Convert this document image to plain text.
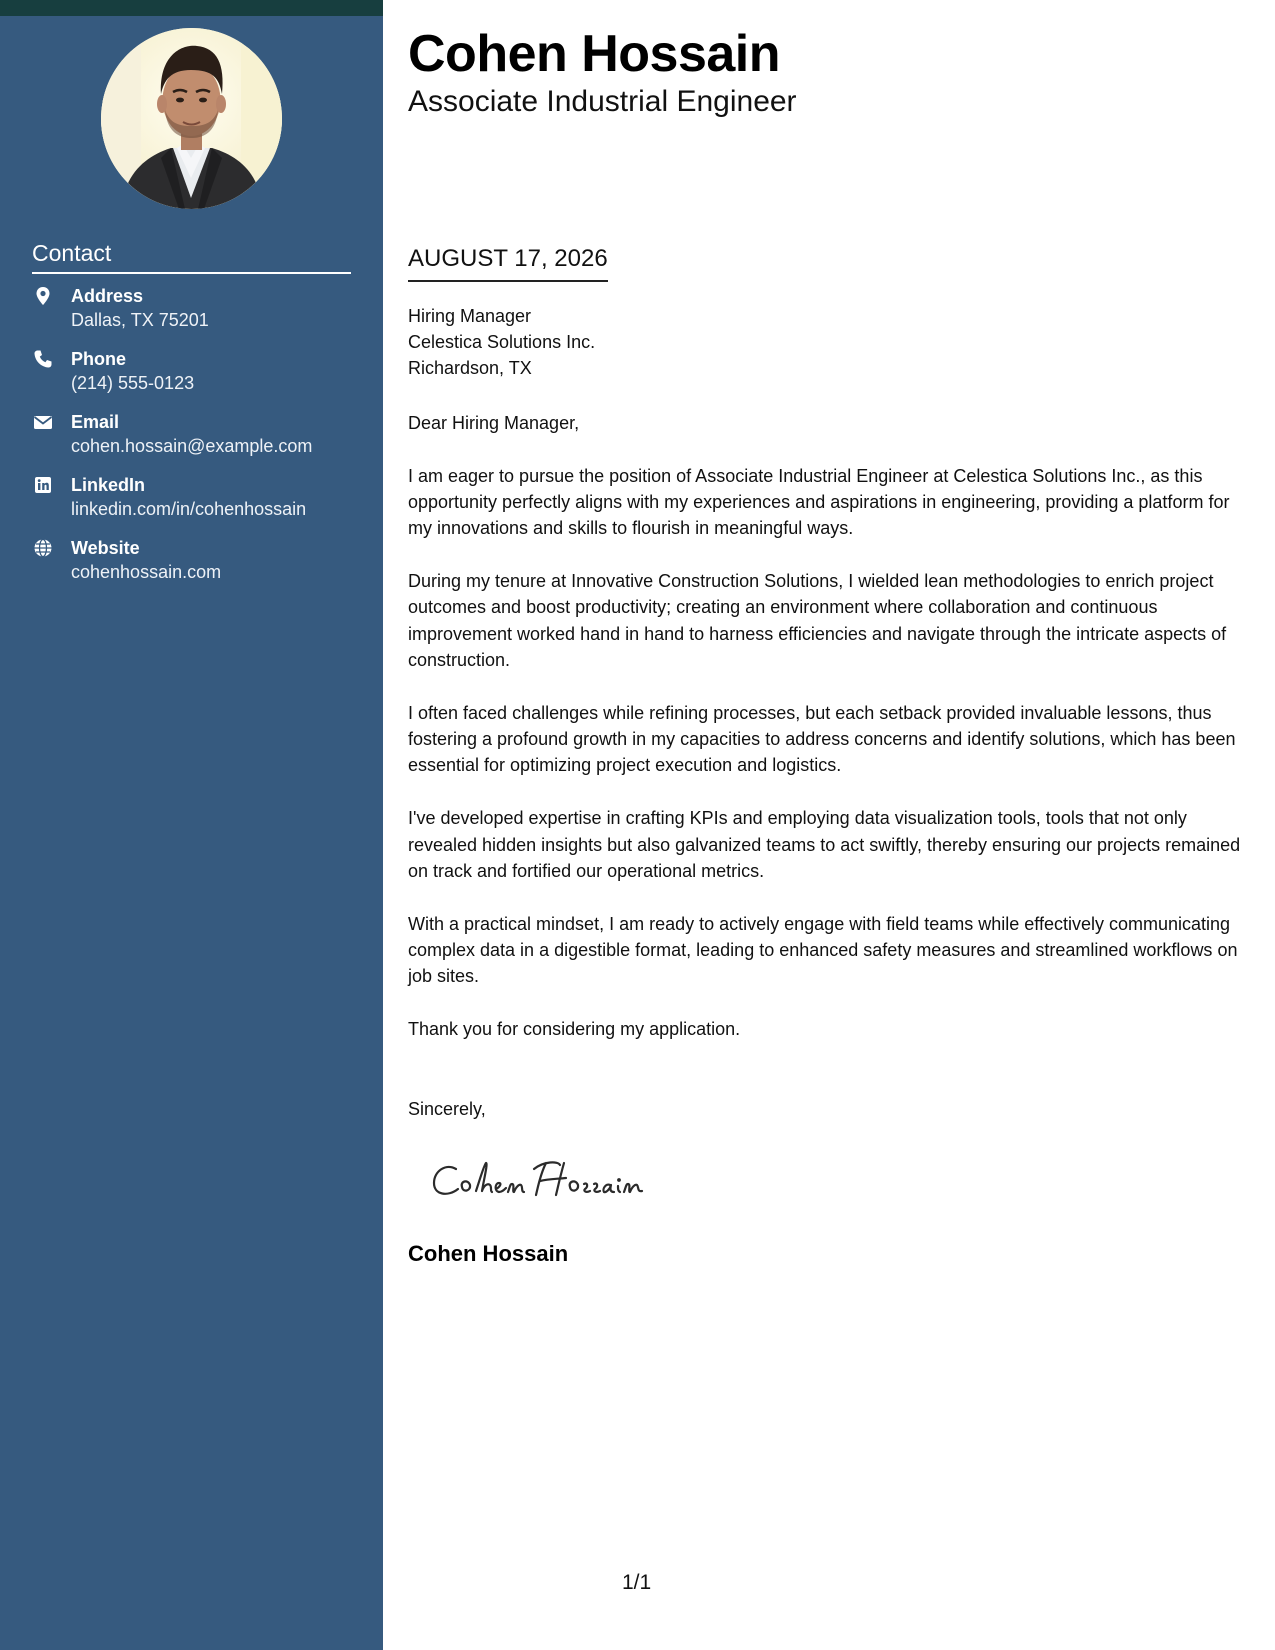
Contact
Address
Dallas, TX 75201
Phone
(214) 555-0123
Email
cohen.hossain@example.com
LinkedIn
linkedin.com/in/cohenhossain
Website
cohenhossain.com
Cohen Hossain
Associate Industrial Engineer
AUGUST 17, 2026
Hiring Manager
Celestica Solutions Inc.
Richardson, TX

Dear Hiring Manager,

I am eager to pursue the position of Associate Industrial Engineer at Celestica Solutions Inc., as this opportunity perfectly aligns with my experiences and aspirations in engineering, providing a platform for my innovations and skills to flourish in meaningful ways.

During my tenure at Innovative Construction Solutions, I wielded lean methodologies to enrich project outcomes and boost productivity; creating an environment where collaboration and continuous improvement worked hand in hand to harness efficiencies and navigate through the intricate aspects of construction.

I often faced challenges while refining processes, but each setback provided invaluable lessons, thus fostering a profound growth in my capacities to address concerns and identify solutions, which has been essential for optimizing project execution and logistics.

I've developed expertise in crafting KPIs and employing data visualization tools, tools that not only revealed hidden insights but also galvanized teams to act swiftly, thereby ensuring our projects remained on track and fortified our operational metrics.

With a practical mindset, I am ready to actively engage with field teams while effectively communicating complex data in a digestible format, leading to enhanced safety measures and streamlined workflows on job sites.

Thank you for considering my application.

Sincerely,
Cohen Hossain
1/1
